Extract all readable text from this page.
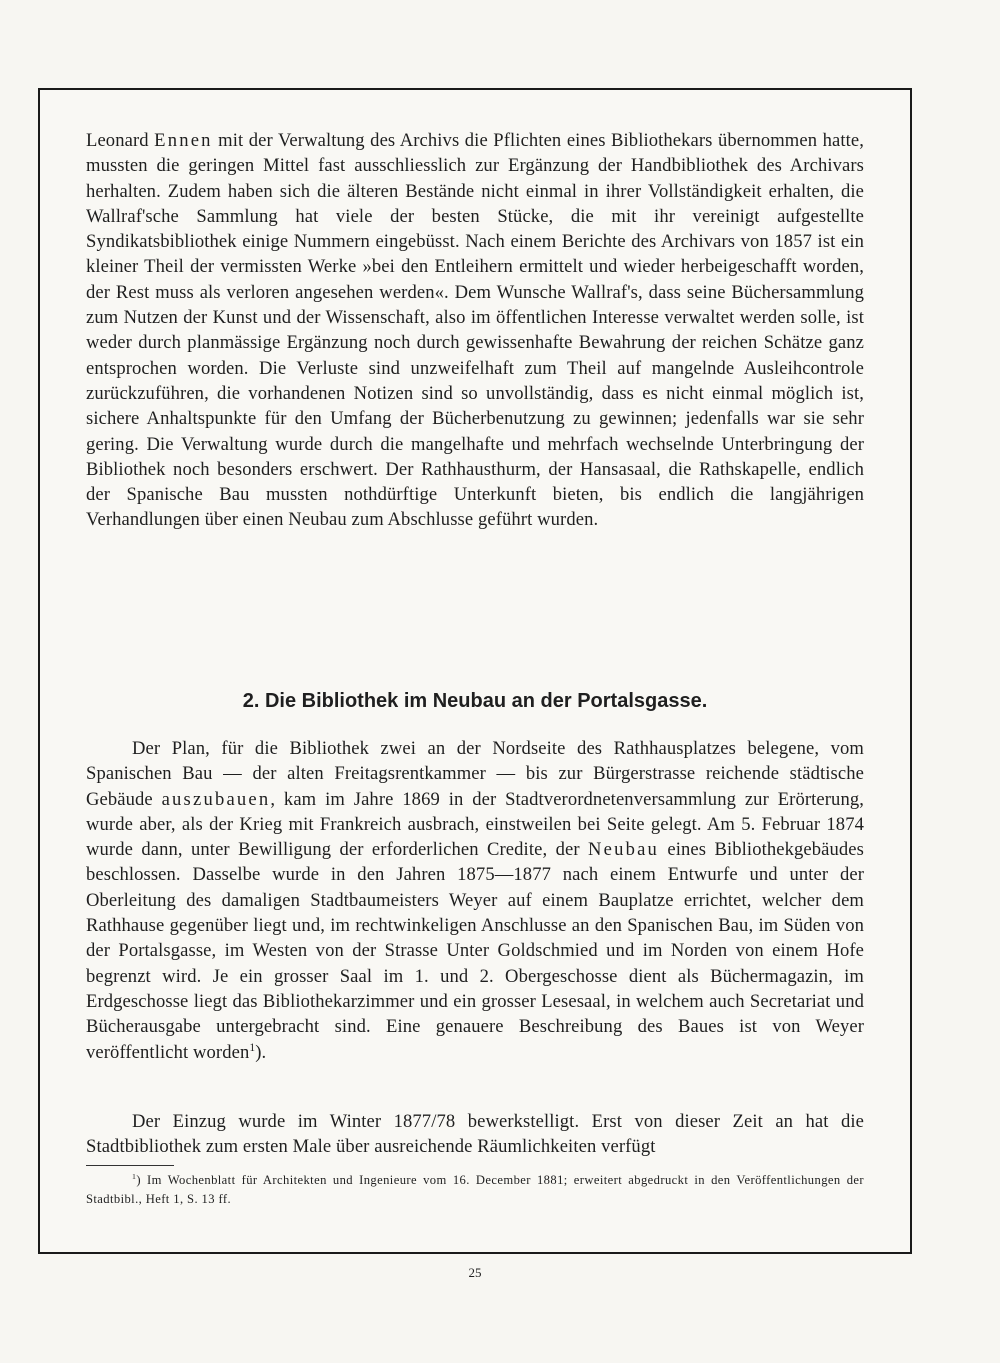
Leonard Ennen mit der Verwaltung des Archivs die Pflichten eines Bibliothekars übernommen hatte, mussten die geringen Mittel fast ausschliesslich zur Ergänzung der Handbibliothek des Archivars herhalten. Zudem haben sich die älteren Bestände nicht einmal in ihrer Vollständigkeit erhalten, die Wallraf'sche Sammlung hat viele der besten Stücke, die mit ihr vereinigt aufgestellte Syndikatsbibliothek einige Nummern eingebüsst. Nach einem Berichte des Archivars von 1857 ist ein kleiner Theil der vermissten Werke »bei den Entleihern ermittelt und wieder herbeigeschafft worden, der Rest muss als verloren angesehen werden«. Dem Wunsche Wallraf's, dass seine Büchersammlung zum Nutzen der Kunst und der Wissenschaft, also im öffentlichen Interesse verwaltet werden solle, ist weder durch planmässige Ergänzung noch durch gewissenhafte Bewahrung der reichen Schätze ganz entsprochen worden. Die Verluste sind unzweifelhaft zum Theil auf mangelnde Ausleihcontrole zurückzuführen, die vorhandenen Notizen sind so unvollständig, dass es nicht einmal möglich ist, sichere Anhaltspunkte für den Umfang der Bücherbenutzung zu gewinnen; jedenfalls war sie sehr gering. Die Verwaltung wurde durch die mangelhafte und mehrfach wechselnde Unterbringung der Bibliothek noch besonders erschwert. Der Rathhausthurm, der Hansasaal, die Rathskapelle, endlich der Spanische Bau mussten nothdürftige Unterkunft bieten, bis endlich die langjährigen Verhandlungen über einen Neubau zum Abschlusse geführt wurden.

2. Die Bibliothek im Neubau an der Portalsgasse.

Der Plan, für die Bibliothek zwei an der Nordseite des Rathhausplatzes belegene, vom Spanischen Bau — der alten Freitagsrentkammer — bis zur Bürgerstrasse reichende städtische Gebäude auszubauen, kam im Jahre 1869 in der Stadtverordnetenversammlung zur Erörterung, wurde aber, als der Krieg mit Frankreich ausbrach, einstweilen bei Seite gelegt. Am 5. Februar 1874 wurde dann, unter Bewilligung der erforderlichen Credite, der Neubau eines Bibliothekgebäudes beschlossen. Dasselbe wurde in den Jahren 1875—1877 nach einem Entwurfe und unter der Oberleitung des damaligen Stadtbaumeisters Weyer auf einem Bauplatze errichtet, welcher dem Rathhause gegenüber liegt und, im rechtwinkeligen Anschlusse an den Spanischen Bau, im Süden von der Portalsgasse, im Westen von der Strasse Unter Goldschmied und im Norden von einem Hofe begrenzt wird. Je ein grosser Saal im 1. und 2. Obergeschosse dient als Büchermagazin, im Erdgeschosse liegt das Bibliothekarzimmer und ein grosser Lesesaal, in welchem auch Secretariat und Bücherausgabe untergebracht sind. Eine genauere Beschreibung des Baues ist von Weyer veröffentlicht worden$^1$).

Der Einzug wurde im Winter 1877/78 bewerkstelligt. Erst von dieser Zeit an hat die Stadtbibliothek zum ersten Male über ausreichende Räumlichkeiten verfügt

$^1$) Im Wochenblatt für Architekten und Ingenieure vom 16. December 1881; erweitert abgedruckt in den Veröffentlichungen der Stadtbibl., Heft 1, S. 13 ff.

25
